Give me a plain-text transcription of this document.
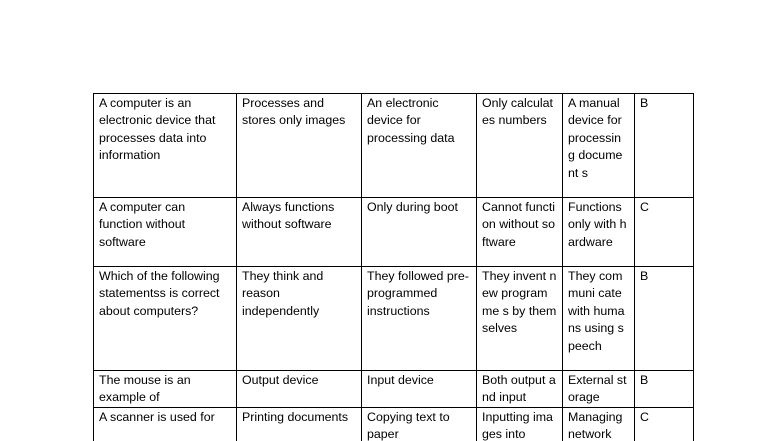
A computer is an electronic device that processes data into information	Processes and stores only images	An electronic device for processing data	Only calculates numbers	A manual device for processin g document s	B
A computer can function without software	Always functions without software	Only during boot	Cannot function without software	Functions only with hardware	C
Which of the following statementss is correct about computers?	They think and reason independently	They followed pre-programmed instructions	They invent new programme s by themselves	They communi cate with humans using speech	B
The mouse is an example of	Output device	Input device	Both output and input	External storage	B
A scanner is used for	Printing documents	Copying text to paper	Inputting images into	Managing network	C
